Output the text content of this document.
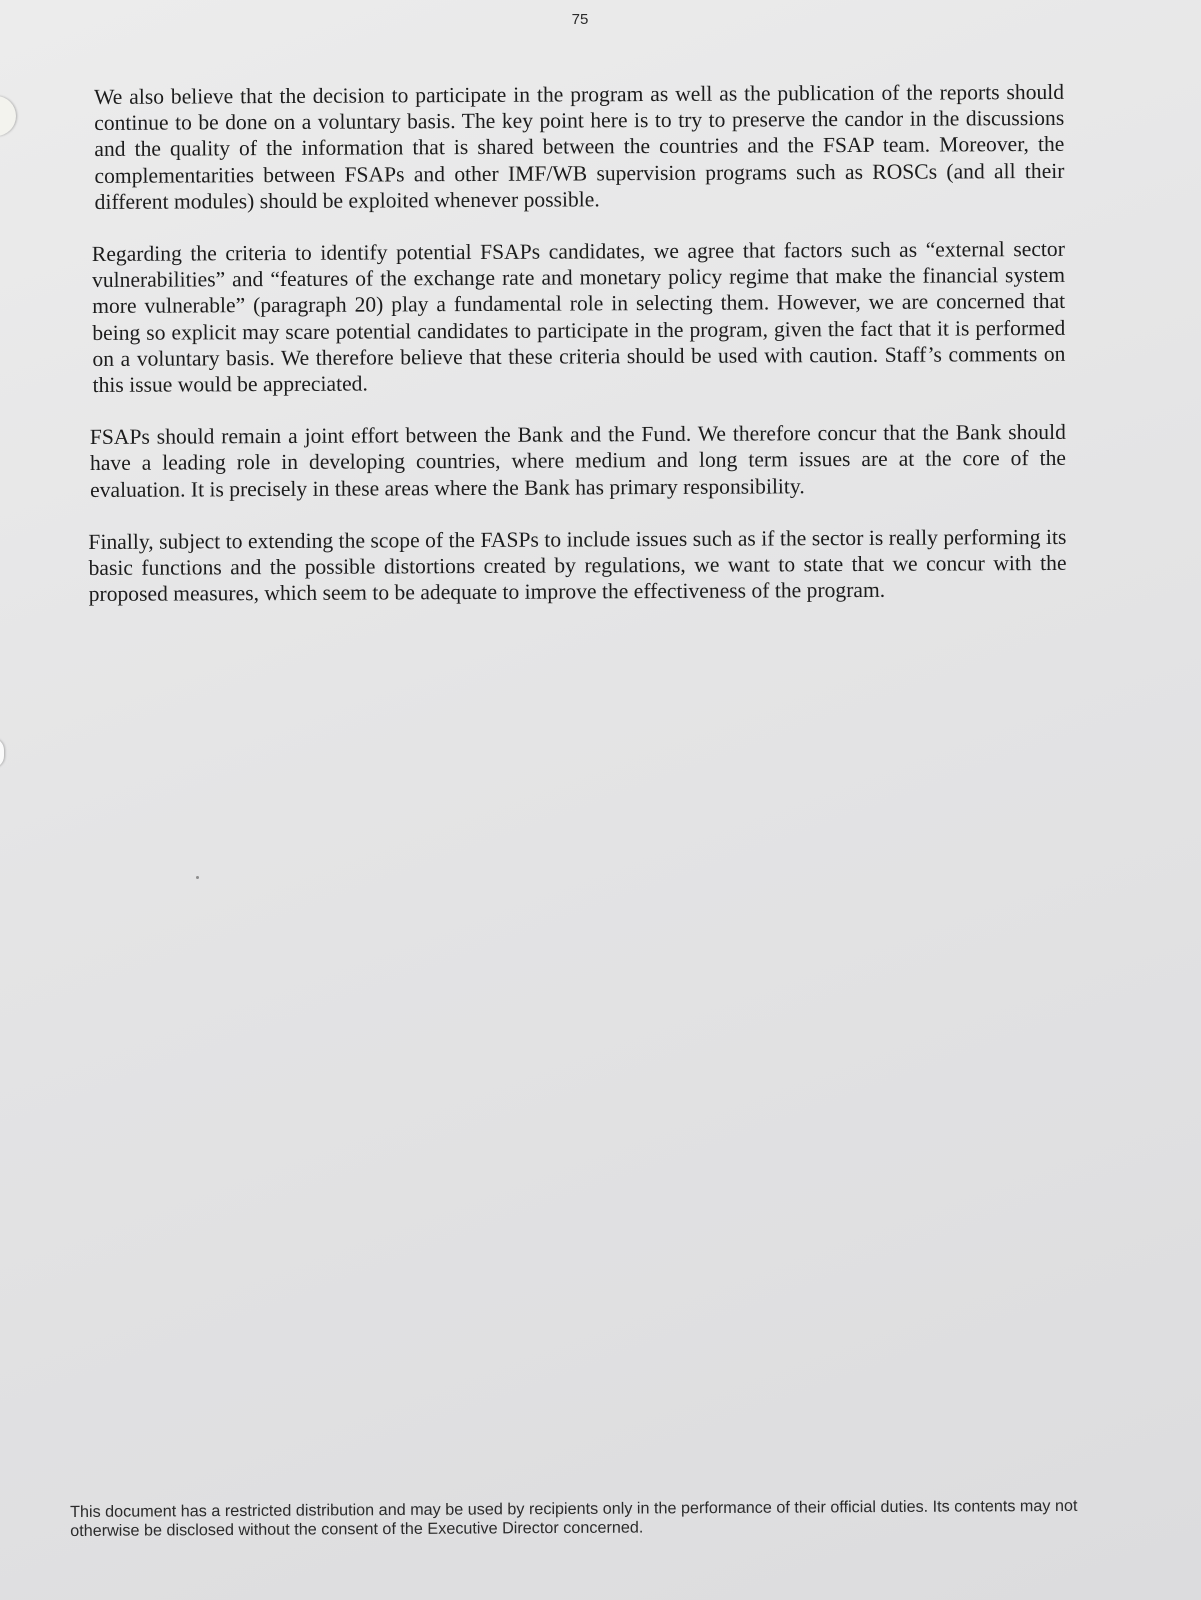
75

We also believe that the decision to participate in the program as well as the publication of the reports should continue to be done on a voluntary basis. The key point here is to try to preserve the candor in the discussions and the quality of the information that is shared between the countries and the FSAP team. Moreover, the complementarities between FSAPs and other IMF/WB supervision programs such as ROSCs (and all their different modules) should be exploited whenever possible.

Regarding the criteria to identify potential FSAPs candidates, we agree that factors such as “external sector vulnerabilities” and “features of the exchange rate and monetary policy regime that make the financial system more vulnerable” (paragraph 20) play a fundamental role in selecting them. However, we are concerned that being so explicit may scare potential candidates to participate in the program, given the fact that it is performed on a voluntary basis. We therefore believe that these criteria should be used with caution. Staff’s comments on this issue would be appreciated.

FSAPs should remain a joint effort between the Bank and the Fund. We therefore concur that the Bank should have a leading role in developing countries, where medium and long term issues are at the core of the evaluation. It is precisely in these areas where the Bank has primary responsibility.

Finally, subject to extending the scope of the FASPs to include issues such as if the sector is really performing its basic functions and the possible distortions created by regulations, we want to state that we concur with the proposed measures, which seem to be adequate to improve the effectiveness of the program.

This document has a restricted distribution and may be used by recipients only in the performance of their official duties. Its contents may not otherwise be disclosed without the consent of the Executive Director concerned.
